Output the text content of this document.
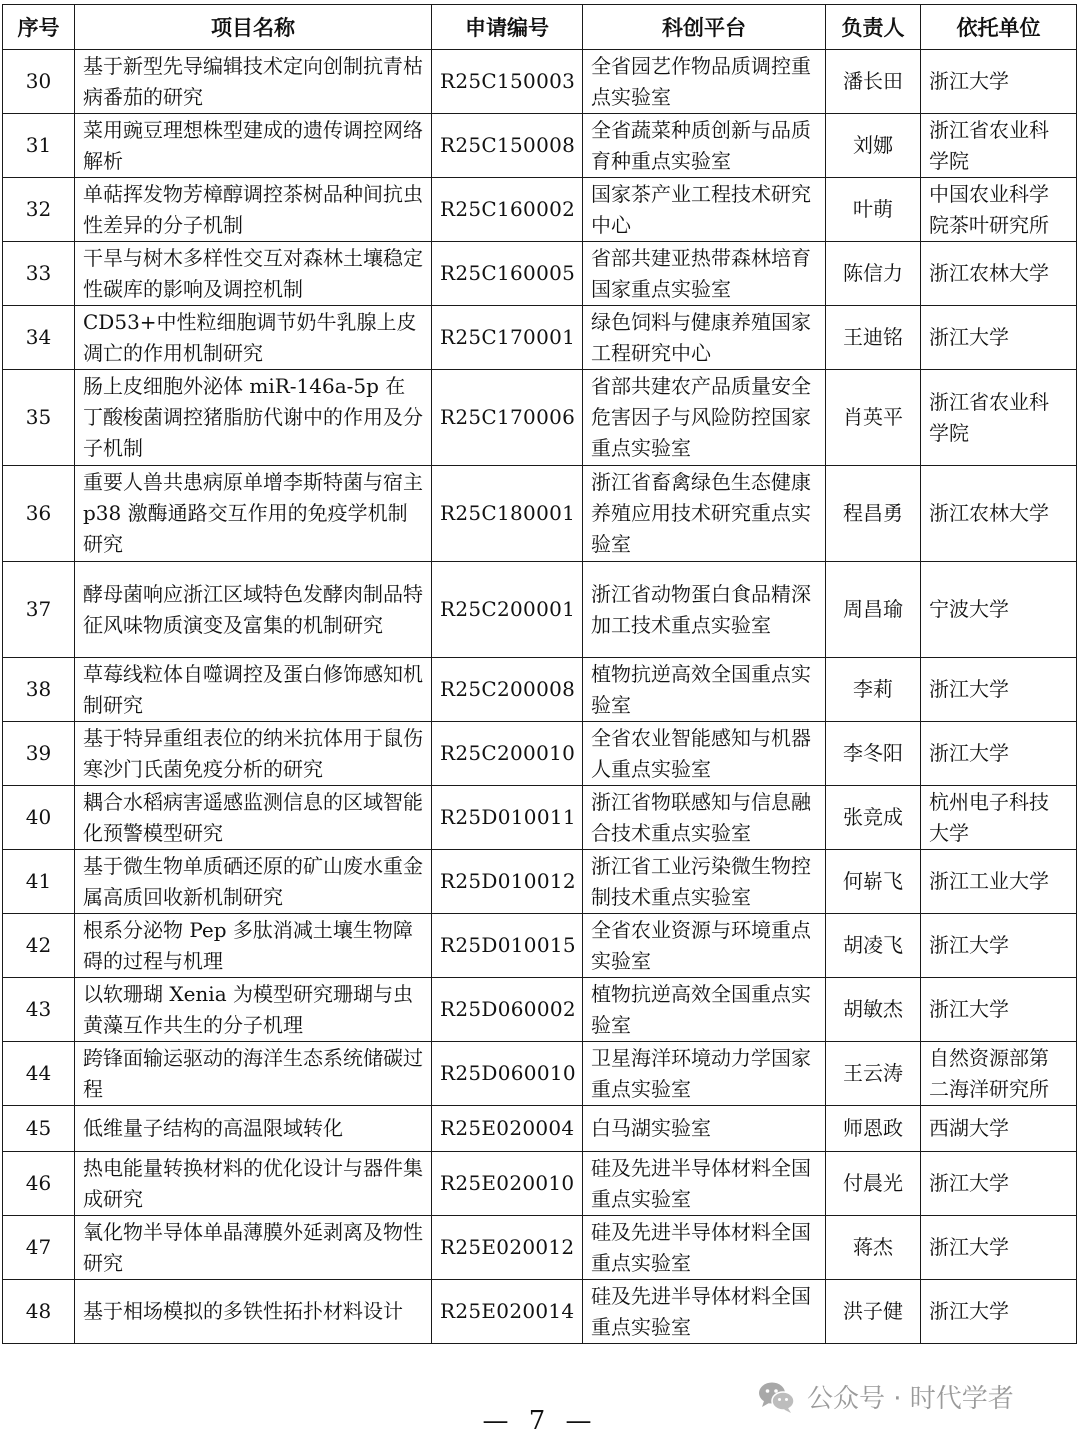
序号	项目名称	申请编号	科创平台	负责人	依托单位
30	基于新型先导编辑技术定向创制抗青枯病番茄的研究	R25C150003	全省园艺作物品质调控重点实验室	潘长田	浙江大学
31	菜用豌豆理想株型建成的遗传调控网络解析	R25C150008	全省蔬菜种质创新与品质育种重点实验室	刘娜	浙江省农业科学院
32	单萜挥发物芳樟醇调控茶树品种间抗虫性差异的分子机制	R25C160002	国家茶产业工程技术研究中心	叶萌	中国农业科学院茶叶研究所
33	干旱与树木多样性交互对森林土壤稳定性碳库的影响及调控机制	R25C160005	省部共建亚热带森林培育国家重点实验室	陈信力	浙江农林大学
34	CD53+中性粒细胞调节奶牛乳腺上皮凋亡的作用机制研究	R25C170001	绿色饲料与健康养殖国家工程研究中心	王迪铭	浙江大学
35	肠上皮细胞外泌体 miR-146a-5p 在丁酸梭菌调控猪脂肪代谢中的作用及分子机制	R25C170006	省部共建农产品质量安全危害因子与风险防控国家重点实验室	肖英平	浙江省农业科学院
36	重要人兽共患病原单增李斯特菌与宿主 p38 激酶通路交互作用的免疫学机制研究	R25C180001	浙江省畜禽绿色生态健康养殖应用技术研究重点实验室	程昌勇	浙江农林大学
37	酵母菌响应浙江区域特色发酵肉制品特征风味物质演变及富集的机制研究	R25C200001	浙江省动物蛋白食品精深加工技术重点实验室	周昌瑜	宁波大学
38	草莓线粒体自噬调控及蛋白修饰感知机制研究	R25C200008	植物抗逆高效全国重点实验室	李莉	浙江大学
39	基于特异重组表位的纳米抗体用于鼠伤寒沙门氏菌免疫分析的研究	R25C200010	全省农业智能感知与机器人重点实验室	李冬阳	浙江大学
40	耦合水稻病害遥感监测信息的区域智能化预警模型研究	R25D010011	浙江省物联感知与信息融合技术重点实验室	张竞成	杭州电子科技大学
41	基于微生物单质硒还原的矿山废水重金属高质回收新机制研究	R25D010012	浙江省工业污染微生物控制技术重点实验室	何崭飞	浙江工业大学
42	根系分泌物 Pep 多肽消减土壤生物障碍的过程与机理	R25D010015	全省农业资源与环境重点实验室	胡凌飞	浙江大学
43	以软珊瑚 Xenia 为模型研究珊瑚与虫黄藻互作共生的分子机理	R25D060002	植物抗逆高效全国重点实验室	胡敏杰	浙江大学
44	跨锋面输运驱动的海洋生态系统储碳过程	R25D060010	卫星海洋环境动力学国家重点实验室	王云涛	自然资源部第二海洋研究所
45	低维量子结构的高温限域转化	R25E020004	白马湖实验室	师恩政	西湖大学
46	热电能量转换材料的优化设计与器件集成研究	R25E020010	硅及先进半导体材料全国重点实验室	付晨光	浙江大学
47	氧化物半导体单晶薄膜外延剥离及物性研究	R25E020012	硅及先进半导体材料全国重点实验室	蒋杰	浙江大学
48	基于相场模拟的多铁性拓扑材料设计	R25E020014	硅及先进半导体材料全国重点实验室	洪子健	浙江大学
公众号 · 时代学者
— 7 —
